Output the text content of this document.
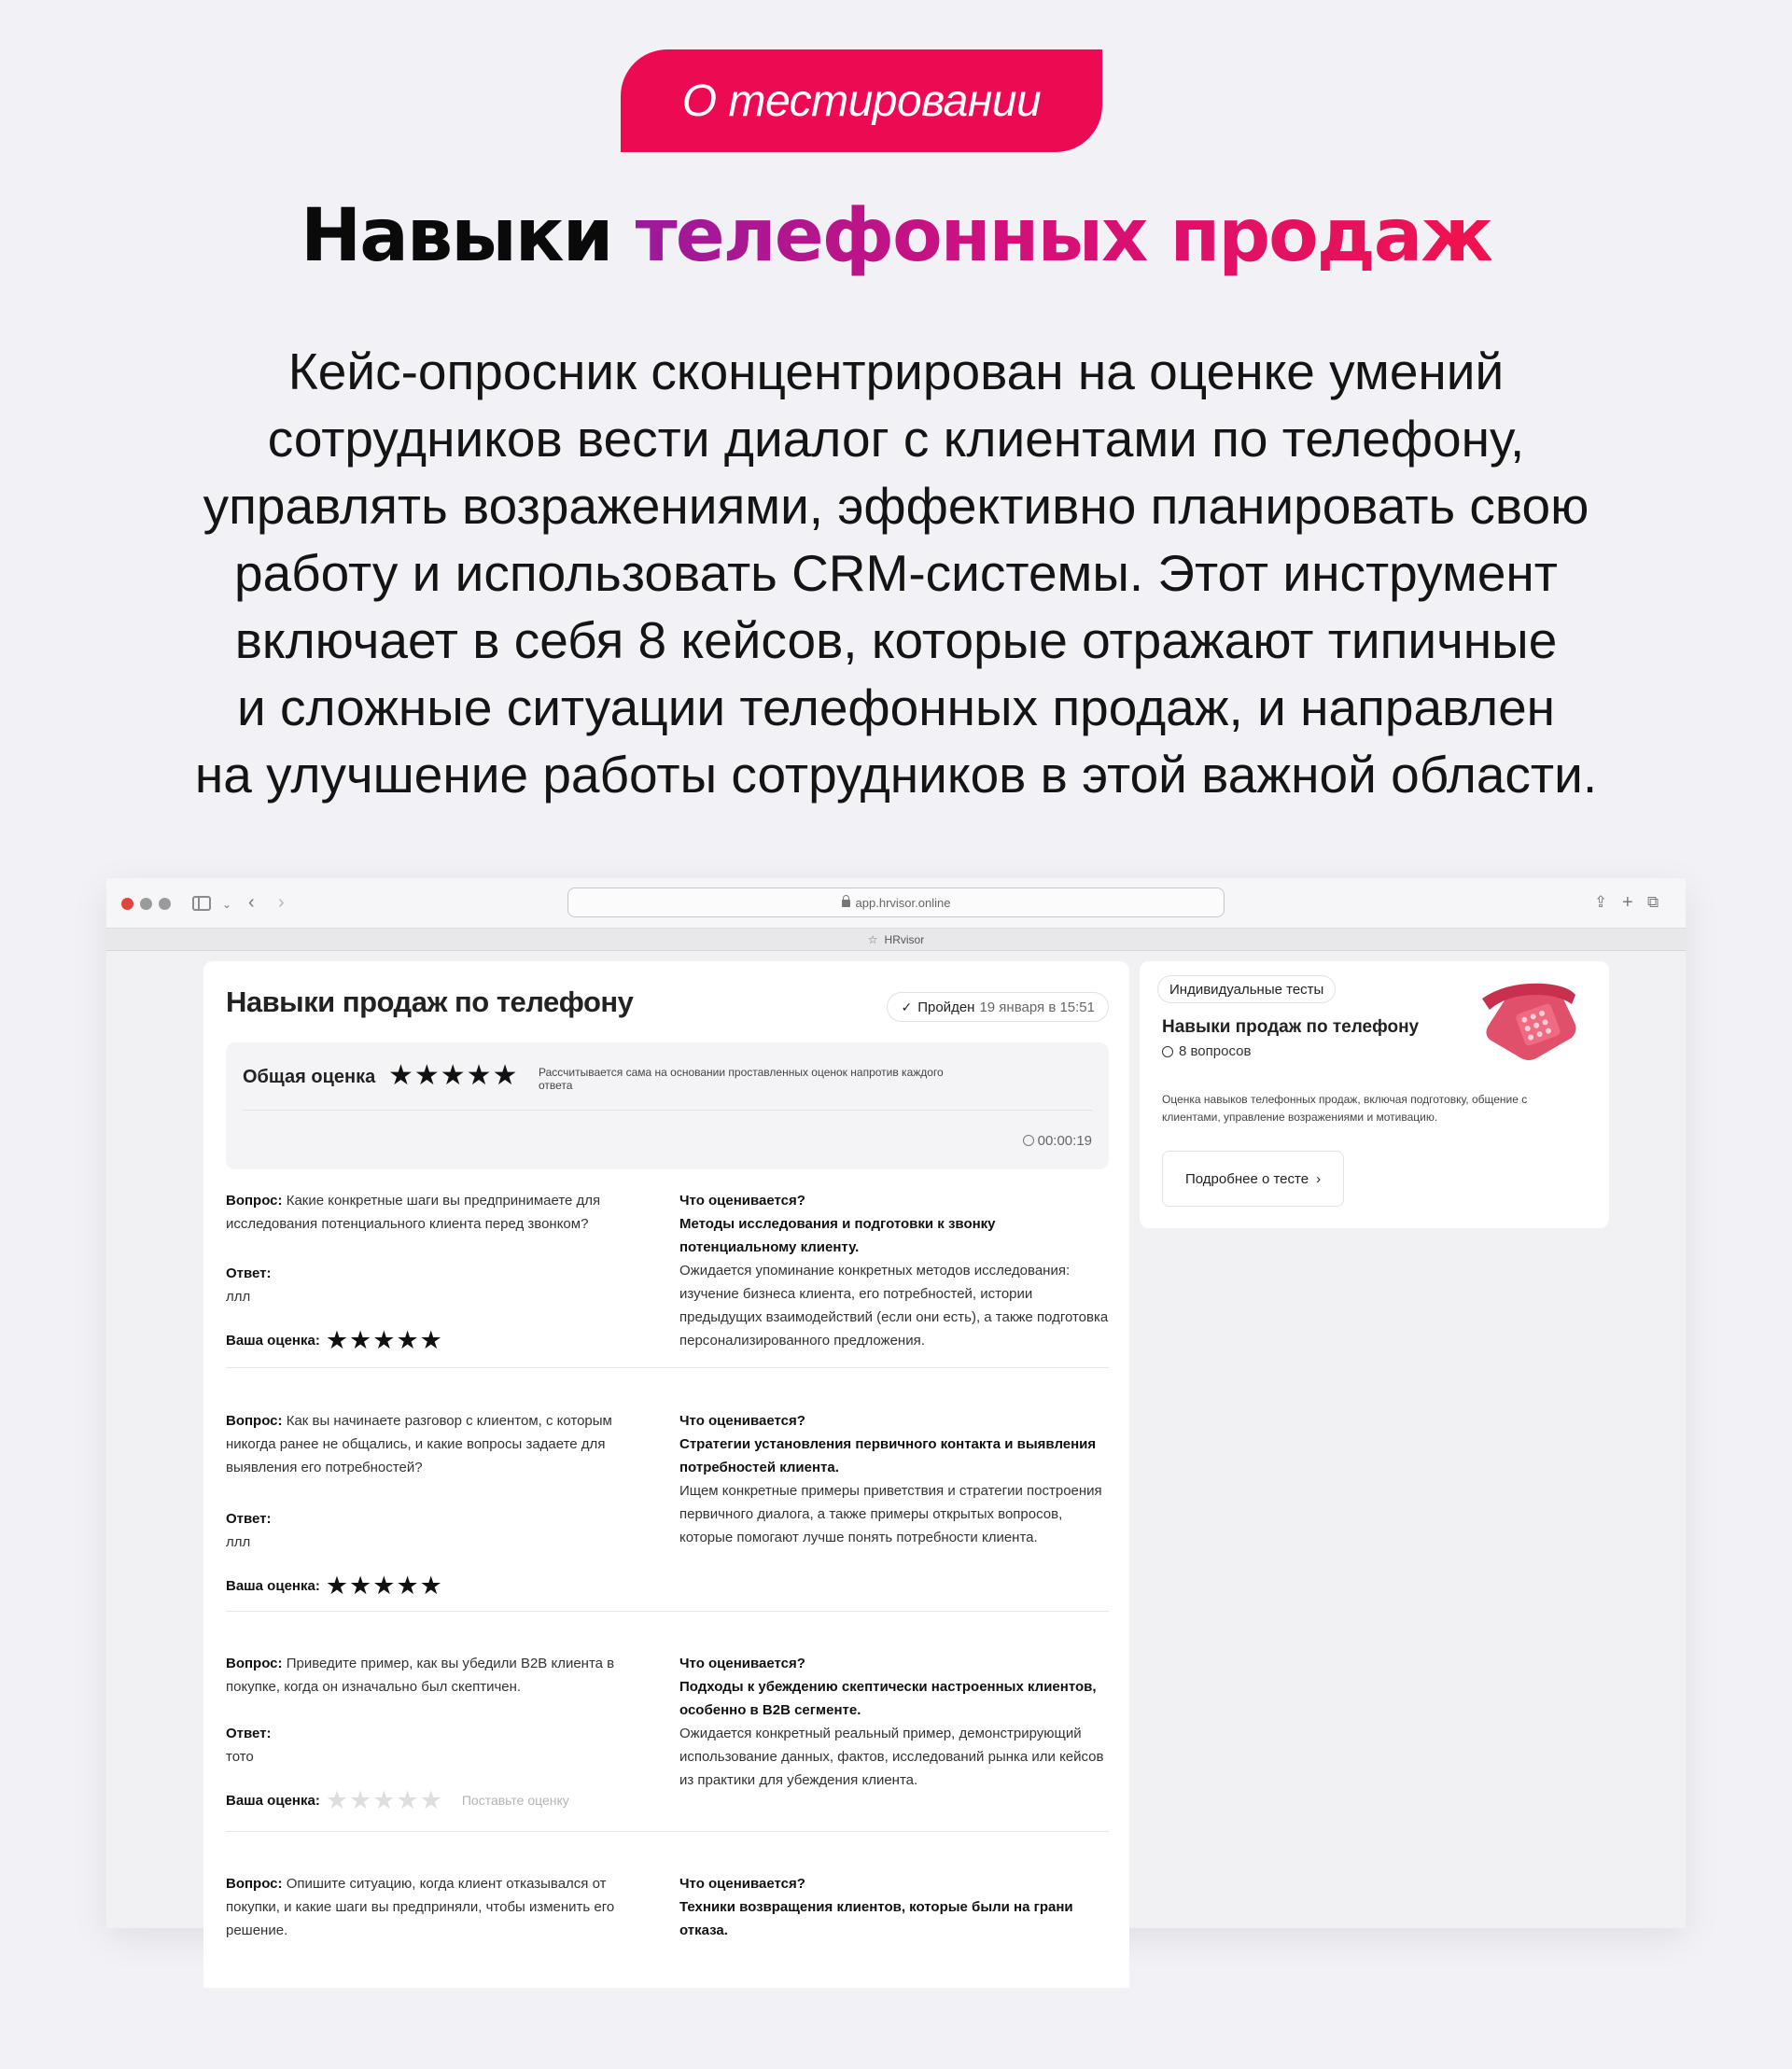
О тестировании
Навыки телефонных продаж
Кейс-опросник сконцентрирован на оценке умений
сотрудников вести диалог с клиентами по телефону,
управлять возражениями, эффективно планировать свою
работу и использовать CRM-системы. Этот инструмент
включает в себя 8 кейсов, которые отражают типичные
и сложные ситуации телефонных продаж, и направлен
на улучшение работы сотрудников в этой важной области.
⌄ ‹ ›	app.hrvisor.online	⇪ + ⧉
☆ HRvisor
Навыки продаж по телефону	✓ Пройден 19 января в 15:51
Общая оценка ★★★★★ Рассчитывается сама на основании проставленных оценок напротив каждого ответа
00:00:19
Вопрос: Какие конкретные шаги вы предпринимаете для исследования потенциального клиента перед звонком?
Ответ:
ллл
Ваша оценка: ★★★★★
Что оценивается?
Методы исследования и подготовки к звонку потенциальному клиенту.
Ожидается упоминание конкретных методов исследования: изучение бизнеса клиента, его потребностей, истории предыдущих взаимодействий (если они есть), а также подготовка персонализированного предложения.
Вопрос: Как вы начинаете разговор с клиентом, с которым никогда ранее не общались, и какие вопросы задаете для выявления его потребностей?
Ответ:
ллл
Ваша оценка: ★★★★★
Что оценивается?
Стратегии установления первичного контакта и выявления потребностей клиента.
Ищем конкретные примеры приветствия и стратегии построения первичного диалога, а также примеры открытых вопросов, которые помогают лучше понять потребности клиента.
Вопрос: Приведите пример, как вы убедили B2B клиента в покупке, когда он изначально был скептичен.
Ответ:
тото
Ваша оценка: ★★★★★ Поставьте оценку
Что оценивается?
Подходы к убеждению скептически настроенных клиентов, особенно в B2B сегменте.
Ожидается конкретный реальный пример, демонстрирующий использование данных, фактов, исследований рынка или кейсов из практики для убеждения клиента.
Вопрос: Опишите ситуацию, когда клиент отказывался от покупки, и какие шаги вы предприняли, чтобы изменить его решение.
Что оценивается?
Техники возвращения клиентов, которые были на грани отказа.
Индивидуальные тесты
Навыки продаж по телефону
8 вопросов
Оценка навыков телефонных продаж, включая подготовку, общение с клиентами, управление возражениями и мотивацию.
Подробнее о тесте ›
